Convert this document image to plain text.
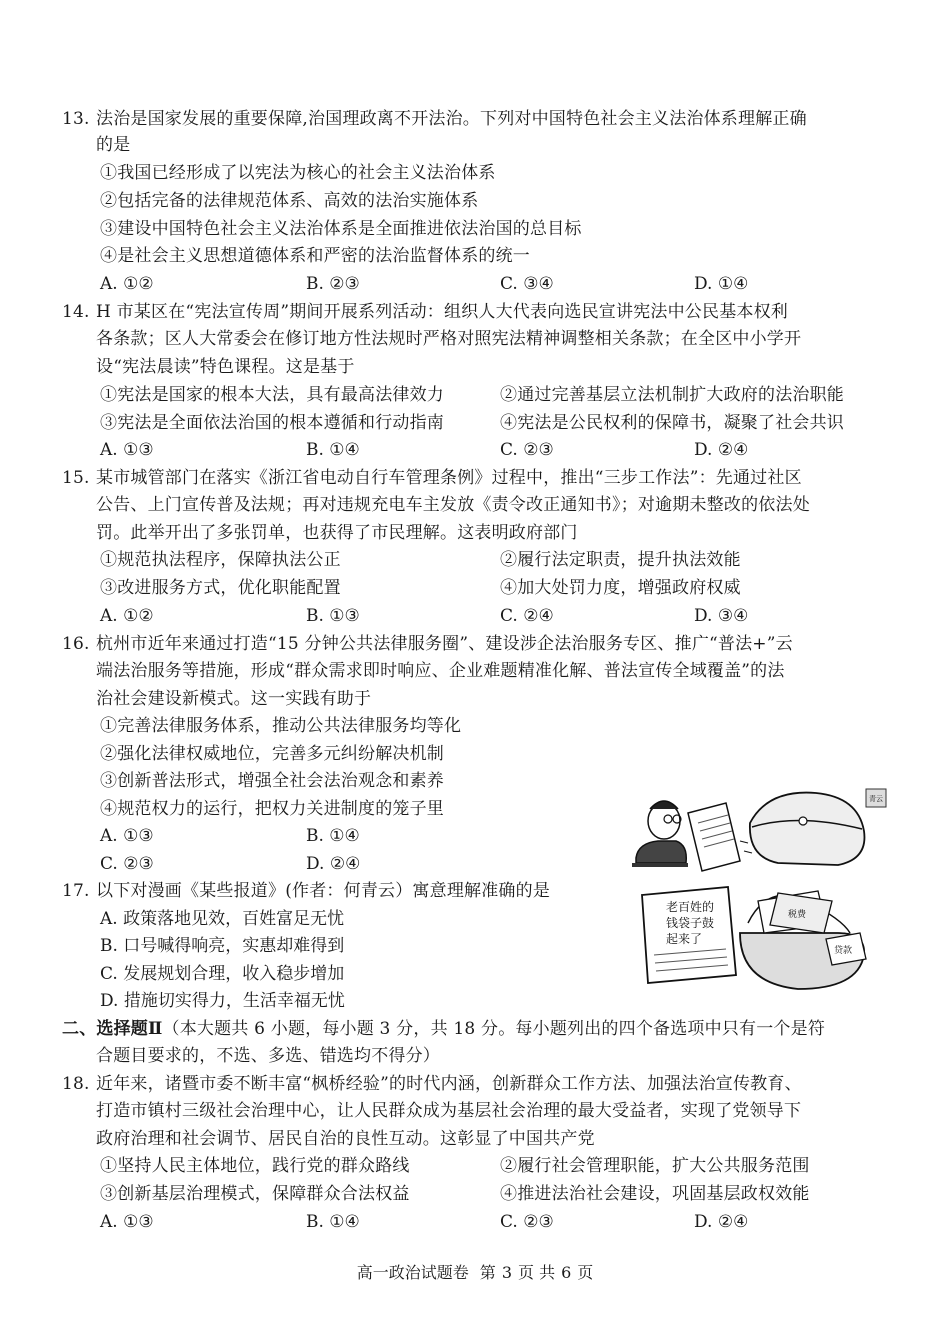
13. 法治是国家发展的重要保障,治国理政离不开法治。下列对中国特色社会主义法治体系理解正确
的是
①我国已经形成了以宪法为核心的社会主义法治体系
②包括完备的法律规范体系、高效的法治实施体系
③建设中国特色社会主义法治体系是全面推进依法治国的总目标
④是社会主义思想道德体系和严密的法治监督体系的统一
A. ①②	B. ②③	C. ③④	D. ①④
14. H 市某区在“宪法宣传周”期间开展系列活动：组织人大代表向选民宣讲宪法中公民基本权利
各条款；区人大常委会在修订地方性法规时严格对照宪法精神调整相关条款；在全区中小学开
设“宪法晨读”特色课程。这是基于
①宪法是国家的根本大法，具有最高法律效力	②通过完善基层立法机制扩大政府的法治职能
③宪法是全面依法治国的根本遵循和行动指南	④宪法是公民权利的保障书，凝聚了社会共识
A. ①③	B. ①④	C. ②③	D. ②④
15. 某市城管部门在落实《浙江省电动自行车管理条例》过程中，推出“三步工作法”：先通过社区
公告、上门宣传普及法规；再对违规充电车主发放《责令改正通知书》；对逾期未整改的依法处
罚。此举开出了多张罚单，也获得了市民理解。这表明政府部门
①规范执法程序，保障执法公正	②履行法定职责，提升执法效能
③改进服务方式，优化职能配置	④加大处罚力度，增强政府权威
A. ①②	B. ①③	C. ②④	D. ③④
16. 杭州市近年来通过打造“15 分钟公共法律服务圈”、建设涉企法治服务专区、推广“普法+”云
端法治服务等措施，形成“群众需求即时响应、企业难题精准化解、普法宣传全域覆盖”的法
治社会建设新模式。这一实践有助于
①完善法律服务体系，推动公共法律服务均等化
②强化法律权威地位，完善多元纠纷解决机制
③创新普法形式，增强全社会法治观念和素养
④规范权力的运行，把权力关进制度的笼子里
A. ①③	B. ①④
C. ②③	D. ②④
17. 以下对漫画《某些报道》(作者：何青云）寓意理解准确的是
A. 政策落地见效，百姓富足无忧
B. 口号喊得响亮，实惠却难得到
C. 发展规划合理，收入稳步增加
D. 措施切实得力，生活幸福无忧
青云
老百姓的
钱袋子鼓
起来了
税费
贷款
二、选择题Ⅱ（本大题共 6 小题，每小题 3 分，共 18 分。每小题列出的四个备选项中只有一个是符
合题目要求的，不选、多选、错选均不得分）
18. 近年来，诸暨市委不断丰富“枫桥经验”的时代内涵，创新群众工作方法、加强法治宣传教育、
打造市镇村三级社会治理中心，让人民群众成为基层社会治理的最大受益者，实现了党领导下
政府治理和社会调节、居民自治的良性互动。这彰显了中国共产党
①坚持人民主体地位，践行党的群众路线	②履行社会管理职能，扩大公共服务范围
③创新基层治理模式，保障群众合法权益	④推进法治社会建设，巩固基层政权效能
A. ①③	B. ①④	C. ②③	D. ②④
高一政治试题卷 第 3 页 共 6 页
